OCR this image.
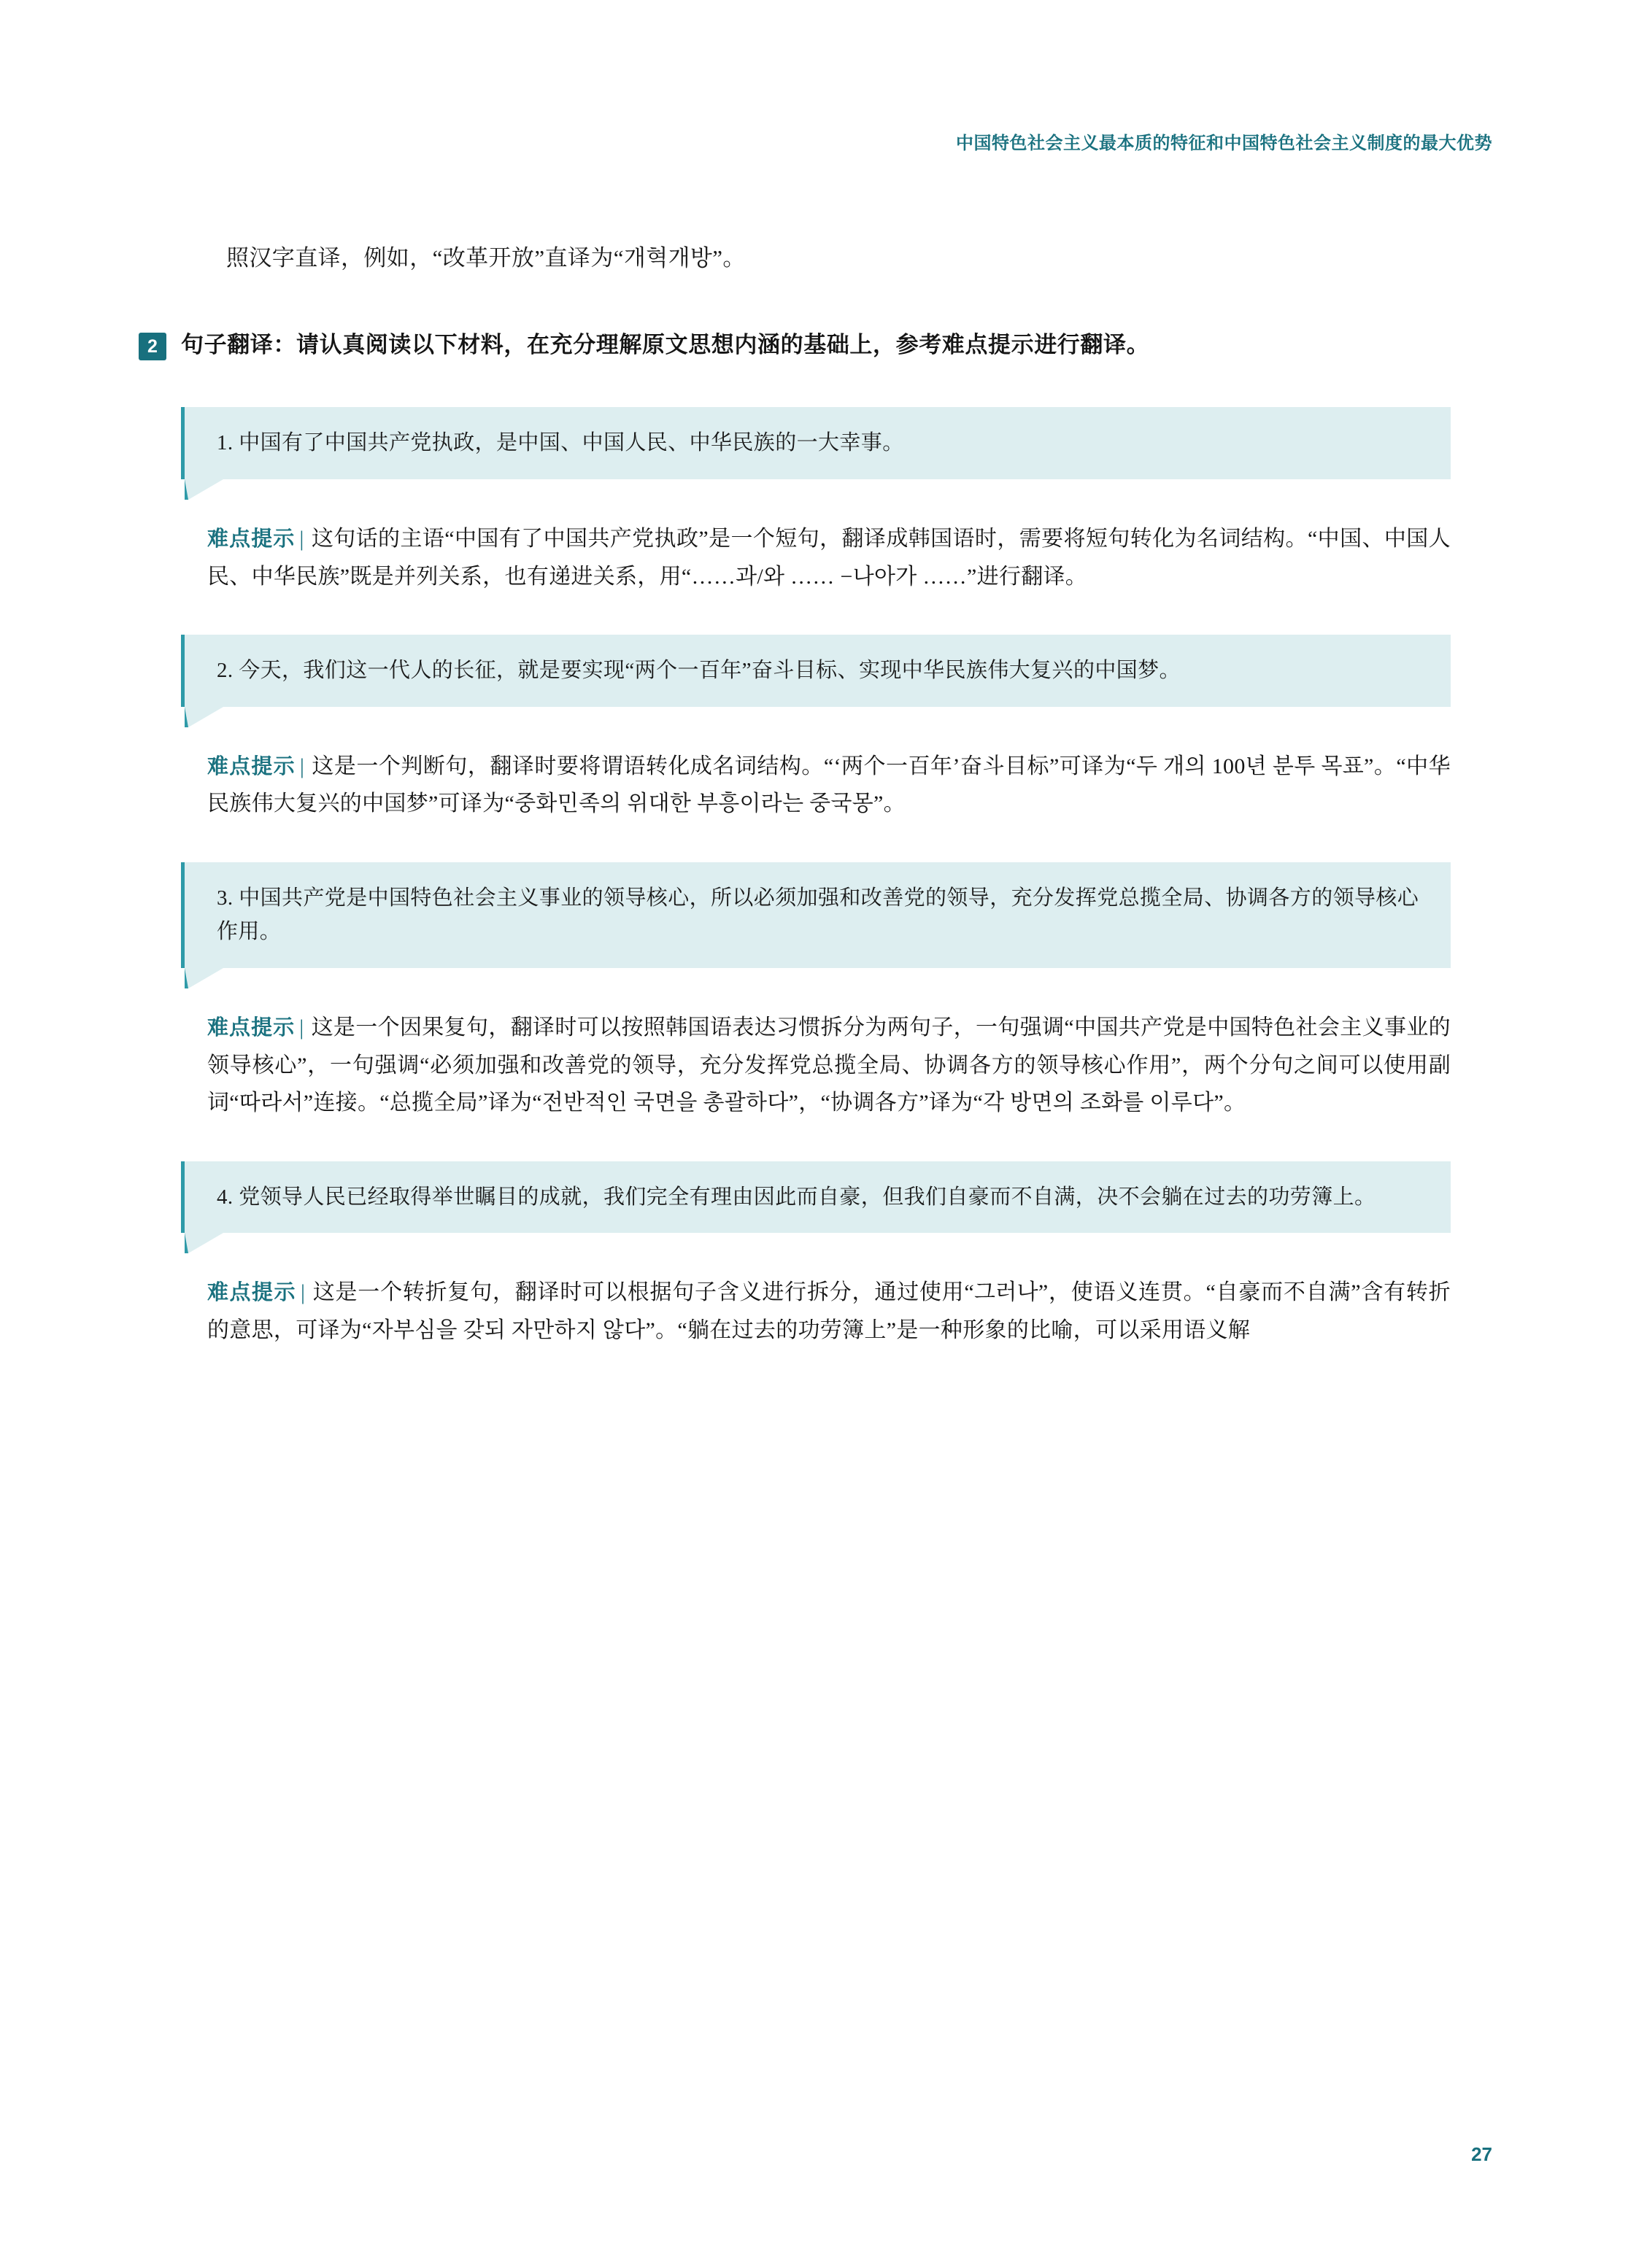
中国特色社会主义最本质的特征和中国特色社会主义制度的最大优势

照汉字直译，例如，“改革开放”直译为“개혁개방”。

2	句子翻译：请认真阅读以下材料，在充分理解原文思想内涵的基础上，参考难点提示进行翻译。
1. 中国有了中国共产党执政，是中国、中国人民、中华民族的一大幸事。
难点提示 | 这句话的主语“中国有了中国共产党执政”是一个短句，翻译成韩国语时，需要将短句转化为名词结构。“中国、中国人民、中华民族”既是并列关系，也有递进关系，用“……과/와 …… −나아가 ……”进行翻译。
2. 今天，我们这一代人的长征，就是要实现“两个一百年”奋斗目标、实现中华民族伟大复兴的中国梦。
难点提示 | 这是一个判断句，翻译时要将谓语转化成名词结构。“‘两个一百年’奋斗目标”可译为“두 개의 100년 분투 목표”。“中华民族伟大复兴的中国梦”可译为“중화민족의 위대한 부흥이라는 중국몽”。
3. 中国共产党是中国特色社会主义事业的领导核心，所以必须加强和改善党的领导，充分发挥党总揽全局、协调各方的领导核心作用。
难点提示 | 这是一个因果复句，翻译时可以按照韩国语表达习惯拆分为两句子，一句强调“中国共产党是中国特色社会主义事业的领导核心”，一句强调“必须加强和改善党的领导，充分发挥党总揽全局、协调各方的领导核心作用”，两个分句之间可以使用副词“따라서”连接。“总揽全局”译为“전반적인 국면을 총괄하다”，“协调各方”译为“각 방면의 조화를 이루다”。
4. 党领导人民已经取得举世瞩目的成就，我们完全有理由因此而自豪，但我们自豪而不自满，决不会躺在过去的功劳簿上。
难点提示 | 这是一个转折复句，翻译时可以根据句子含义进行拆分，通过使用“그러나”，使语义连贯。“自豪而不自满”含有转折的意思，可译为“자부심을 갖되 자만하지 않다”。“躺在过去的功劳簿上”是一种形象的比喻，可以采用语义解
27
